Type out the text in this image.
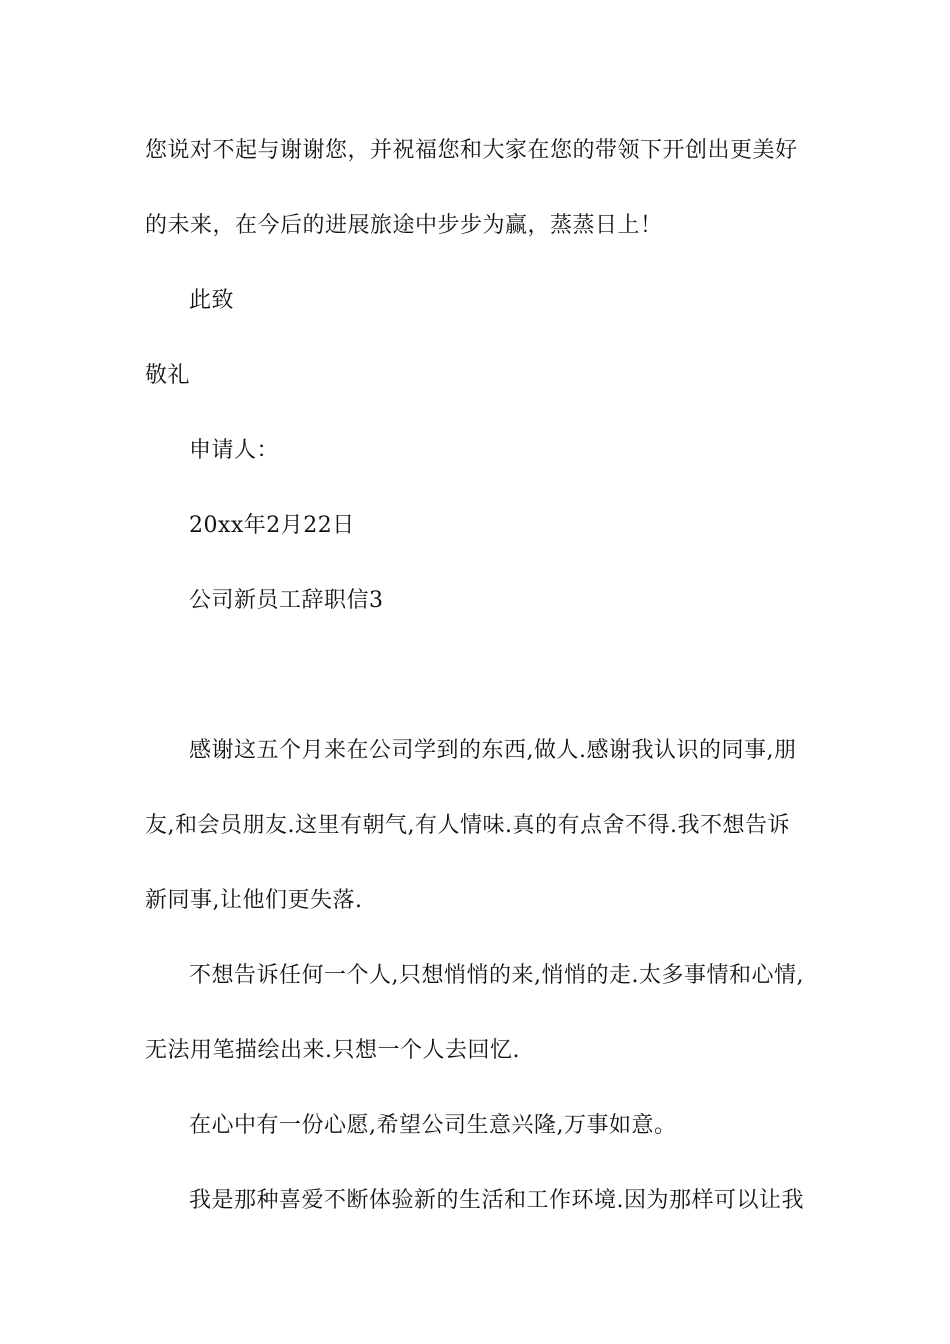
您说对不起与谢谢您，并祝福您和大家在您的带领下开创出更美好
的未来，在今后的进展旅途中步步为赢，蒸蒸日上！
此致
敬礼
申请人：
20xx年2月22日
公司新员工辞职信3
感谢这五个月来在公司学到的东西,做人.感谢我认识的同事,朋
友,和会员朋友.这里有朝气,有人情味.真的有点舍不得.我不想告诉
新同事,让他们更失落.
不想告诉任何一个人,只想悄悄的来,悄悄的走.太多事情和心情,
无法用笔描绘出来.只想一个人去回忆.
在心中有一份心愿,希望公司生意兴隆,万事如意。
我是那种喜爱不断体验新的生活和工作环境.因为那样可以让我
